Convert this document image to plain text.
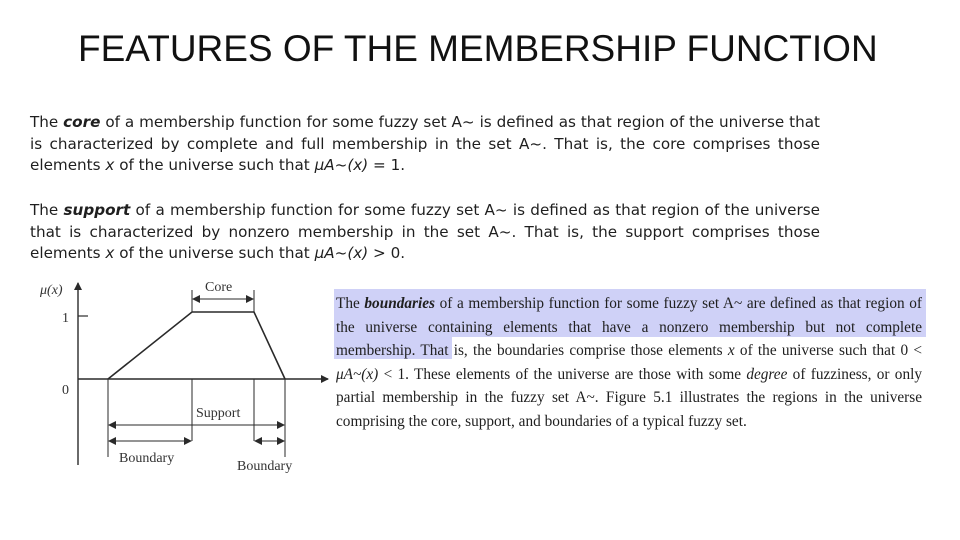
FEATURES OF THE MEMBERSHIP FUNCTION
The core of a membership function for some fuzzy set A~ is defined as that region of the universe that is characterized by complete and full membership in the set A~. That is, the core comprises those elements x of the universe such that μA~(x) = 1.
The support of a membership function for some fuzzy set A~ is defined as that region of the universe that is characterized by nonzero membership in the set A~. That is, the support comprises those elements x of the universe such that μA~(x) > 0.
The boundaries of a membership function for some fuzzy set A~ are defined as that region of the universe containing elements that have a nonzero membership but not complete membership. That is, the boundaries comprise those elements x of the universe such that 0 < μA~(x) < 1. These elements of the universe are those with some degree of fuzziness, or only partial membership in the fuzzy set A~. Figure 5.1 illustrates the regions in the universe comprising the core, support, and boundaries of a typical fuzzy set.
μ(x)
1
0
Core
Support
Boundary
Boundary
